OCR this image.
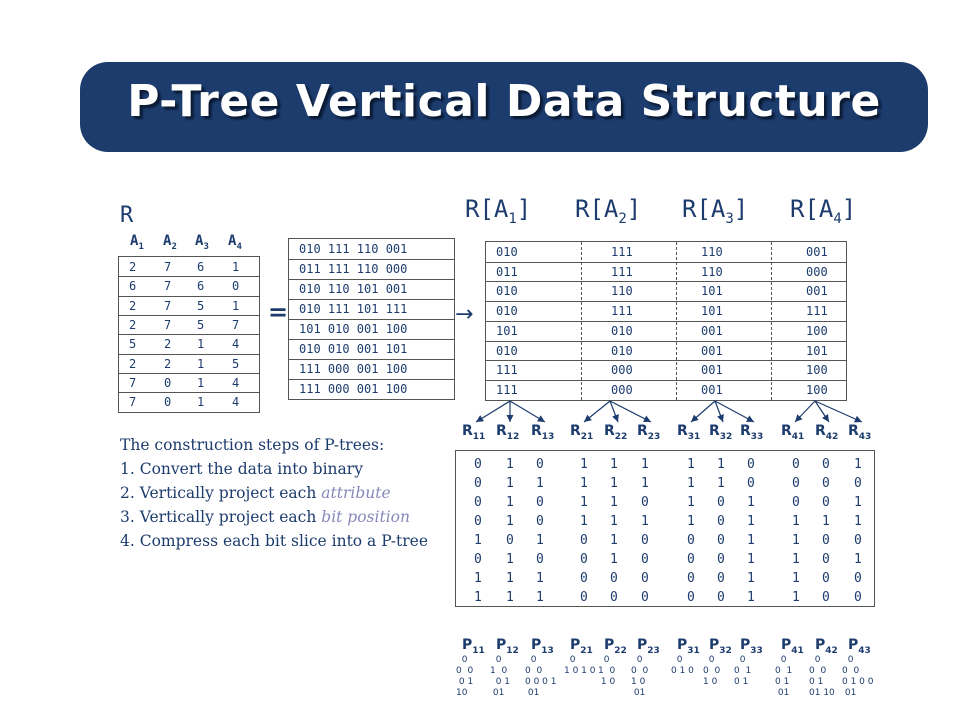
P-Tree Vertical Data Structure
R
$A_1$ $A_2$ $A_3$ $A_4$
2 7 6 1
6 7 6 0
2 7 5 1
2 7 5 7
5 2 1 4
2 2 1 5
7 0 1 4
7 0 1 4
=
010 111 110 001
011 111 110 000
010 110 101 001
010 111 101 111
101 010 001 100
010 010 001 101
111 000 001 100
111 000 001 100
→
$R[A_1]$ $R[A_2]$ $R[A_3]$ $R[A_4]$
010	111	110	001
011	111	110	000
010	110	101	001
010	111	101	111
101	010	001	100
010	010	001	101
111	000	001	100
111	000	001	100
$R_{11}$ $R_{12}$ $R_{13}$ $R_{21}$ $R_{22}$ $R_{23}$ $R_{31}$ $R_{32}$ $R_{33}$ $R_{41}$ $R_{42}$ $R_{43}$
The construction steps of P-trees:
1. Convert the data into binary
2. Vertically project each attribute
3. Vertically project each bit position
4. Compress each bit slice into a P-tree
0 1 0	1 1 1	1 1 0	0 0 1
0 1 1	1 1 1	1 1 0	0 0 0
0 1 0	1 1 0	1 0 1	0 0 1
0 1 0	1 1 1	1 0 1	1 1 1
1 0 1	0 1 0	0 0 1	1 0 0
0 1 0	0 1 0	0 0 1	1 0 1
1 1 1	0 0 0	0 0 1	1 0 0
1 1 1	0 0 0	0 0 1	1 0 0
$P_{11}$ $P_{12}$ $P_{13}$ $P_{21}$ $P_{22}$ $P_{23}$ $P_{31}$ $P_{32}$ $P_{33}$ $P_{41}$ $P_{42}$ $P_{43}$
0
0  0
0 1
10
0
1  0
0 1
01
0
0  0
0 0 0 1
01
0
1 0 1 0
0
1  0
1 0
0
0  0
1 0
01
0
0 1 0
0
0  0
1 0
0
0  1
0 1
0
0  1
0 1
01
0
0  0
0 1
01 10
0
0  0
0 1 0 0
01
